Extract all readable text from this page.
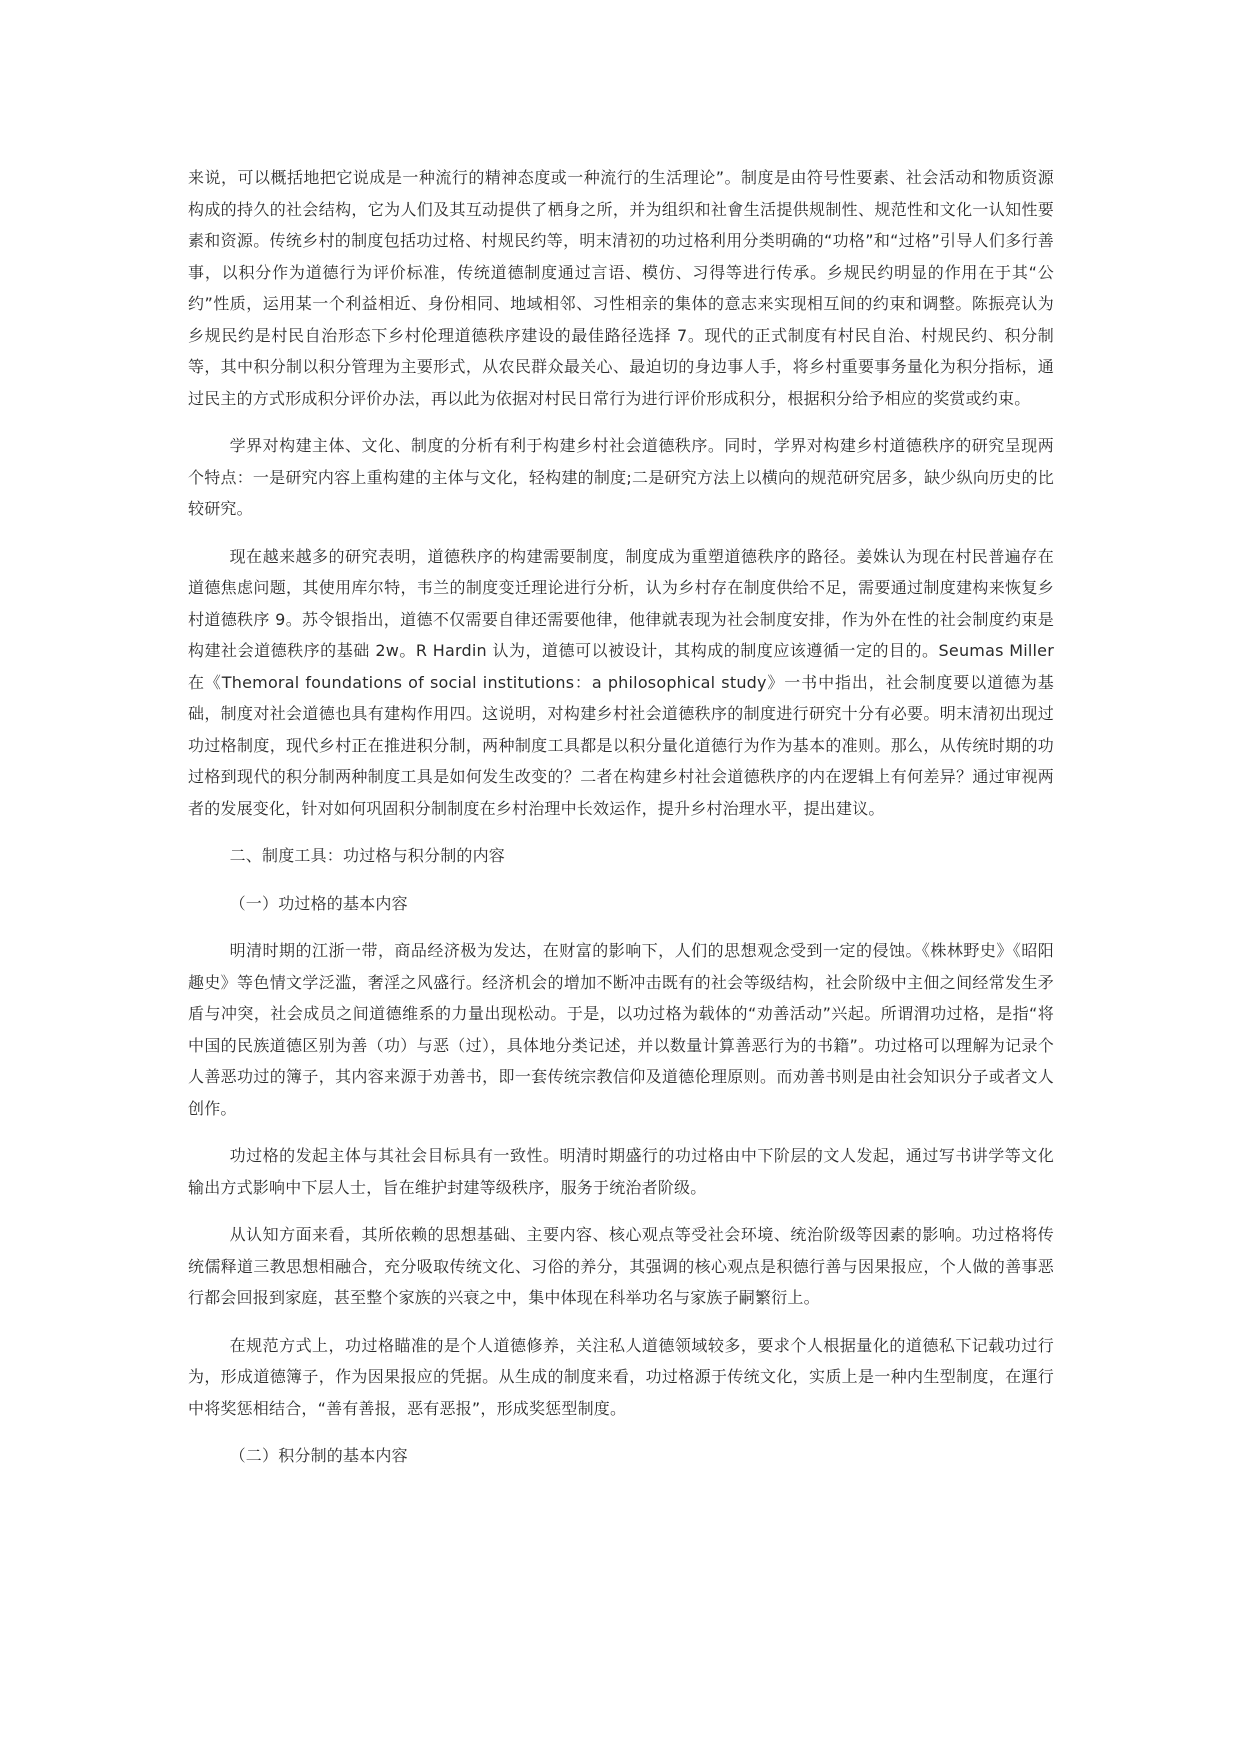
来说，可以概括地把它说成是一种流行的精神态度或一种流行的生活理论”。制度是由符号性要素、社会活动和物质资源构成的持久的社会结构，它为人们及其互动提供了栖身之所，并为组织和社會生活提供规制性、规范性和文化一认知性要素和资源。传统乡村的制度包括功过格、村规民约等，明末清初的功过格利用分类明确的“功格”和“过格”引导人们多行善事，以积分作为道德行为评价标准，传统道德制度通过言语、模仿、习得等进行传承。乡规民约明显的作用在于其“公约”性质，运用某一个利益相近、身份相同、地域相邻、习性相亲的集体的意志来实现相互间的约束和调整。陈振亮认为乡规民约是村民自治形态下乡村伦理道德秩序建设的最佳路径选择 7。现代的正式制度有村民自治、村规民约、积分制等，其中积分制以积分管理为主要形式，从农民群众最关心、最迫切的身边事人手，将乡村重要事务量化为积分指标，通过民主的方式形成积分评价办法，再以此为依据对村民日常行为进行评价形成积分，根据积分给予相应的奖赏或约束。

学界对构建主体、文化、制度的分析有利于构建乡村社会道德秩序。同时，学界对构建乡村道德秩序的研究呈现两个特点：一是研究内容上重构建的主体与文化，轻构建的制度;二是研究方法上以横向的规范研究居多，缺少纵向历史的比较研究。

现在越来越多的研究表明，道德秩序的构建需要制度，制度成为重塑道德秩序的路径。姜姝认为现在村民普遍存在道德焦虑问题，其使用库尔特，韦兰的制度变迁理论进行分析，认为乡村存在制度供给不足，需要通过制度建构来恢复乡村道德秩序 9。苏令银指出，道德不仅需要自律还需要他律，他律就表现为社会制度安排，作为外在性的社会制度约束是构建社会道德秩序的基础 2w。R Hardin 认为，道德可以被设计，其构成的制度应该遵循一定的目的。Seumas Miller 在《Themoral foundations of social institutions：a philosophical study》一书中指出，社会制度要以道德为基础，制度对社会道德也具有建构作用四。这说明，对构建乡村社会道德秩序的制度进行研究十分有必要。明末清初出现过功过格制度，现代乡村正在推进积分制，两种制度工具都是以积分量化道德行为作为基本的准则。那么，从传统时期的功过格到现代的积分制两种制度工具是如何发生改变的？二者在构建乡村社会道德秩序的内在逻辑上有何差异？通过审视两者的发展变化，针对如何巩固积分制制度在乡村治理中长效运作，提升乡村治理水平，提出建议。

二、制度工具：功过格与积分制的内容

（一）功过格的基本内容

明清时期的江浙一带，商品经济极为发达，在财富的影响下，人们的思想观念受到一定的侵蚀。《株林野史》《昭阳趣史》等色情文学泛滥，奢淫之风盛行。经济机会的增加不断冲击既有的社会等级结构，社会阶级中主佃之间经常发生矛盾与冲突，社会成员之间道德维系的力量出现松动。于是，以功过格为载体的“劝善活动”兴起。所谓渭功过格，是指“将中国的民族道德区别为善（功）与恶（过），具体地分类记述，并以数量计算善恶行为的书籍”。功过格可以理解为记录个人善恶功过的簿子，其内容来源于劝善书，即一套传统宗教信仰及道德伦理原则。而劝善书则是由社会知识分子或者文人创作。

功过格的发起主体与其社会目标具有一致性。明清时期盛行的功过格由中下阶层的文人发起，通过写书讲学等文化输出方式影响中下层人士，旨在维护封建等级秩序，服务于统治者阶级。

从认知方面来看，其所依赖的思想基础、主要内容、核心观点等受社会环境、统治阶级等因素的影响。功过格将传统儒释道三教思想相融合，充分吸取传统文化、习俗的养分，其强调的核心观点是积德行善与因果报应，个人做的善事恶行都会回报到家庭，甚至整个家族的兴衰之中，集中体现在科举功名与家族子嗣繁衍上。

在规范方式上，功过格瞄准的是个人道德修养，关注私人道德领域较多，要求个人根据量化的道德私下记载功过行为，形成道德簿子，作为因果报应的凭据。从生成的制度来看，功过格源于传统文化，实质上是一种内生型制度，在運行中将奖惩相结合，“善有善报，恶有恶报”，形成奖惩型制度。

（二）积分制的基本内容
